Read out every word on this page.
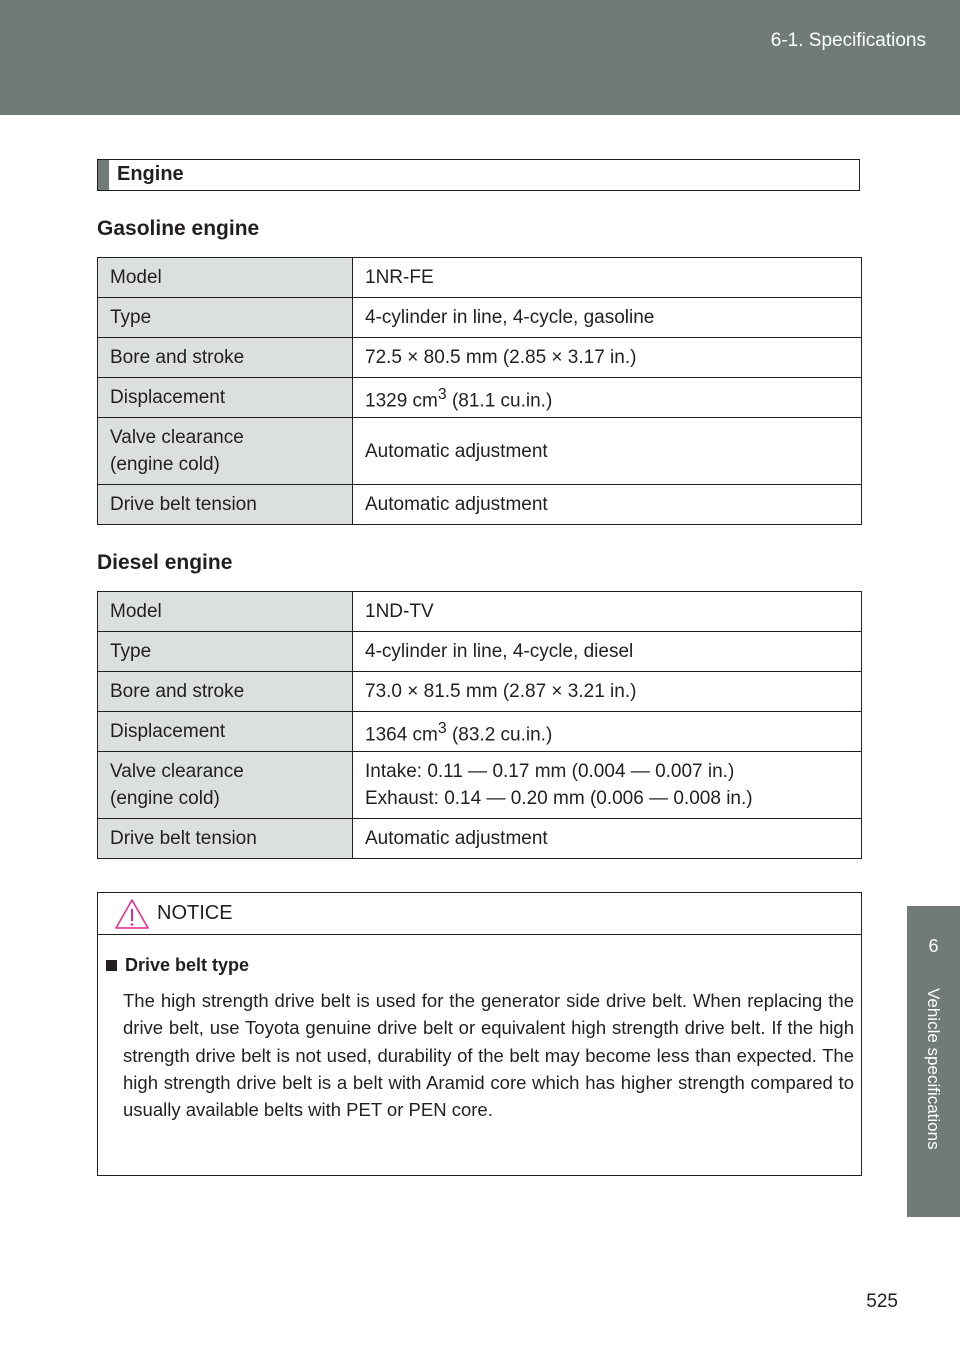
6-1. Specifications
6
Vehicle specifications
Engine
Gasoline engine
Model	1NR-FE
Type	4-cylinder in line, 4-cycle, gasoline
Bore and stroke	72.5 × 80.5 mm (2.85 × 3.17 in.)
Displacement	1329 $cm^3$ (81.1 cu.in.)
Valve clearance
(engine cold)	Automatic adjustment
Drive belt tension	Automatic adjustment
Diesel engine
Model	1ND-TV
Type	4-cylinder in line, 4-cycle, diesel
Bore and stroke	73.0 × 81.5 mm (2.87 × 3.21 in.)
Displacement	1364 $cm^3$ (83.2 cu.in.)
Valve clearance
(engine cold)	Intake: 0.11 — 0.17 mm (0.004 — 0.007 in.)
Exhaust: 0.14 — 0.20 mm (0.006 — 0.008 in.)
Drive belt tension	Automatic adjustment
NOTICE
Drive belt type
The high strength drive belt is used for the generator side drive belt. When replacing the drive belt, use Toyota genuine drive belt or equivalent high strength drive belt. If the high strength drive belt is not used, durability of the belt may become less than expected. The high strength drive belt is a belt with Aramid core which has higher strength compared to usually available belts with PET or PEN core.
525
